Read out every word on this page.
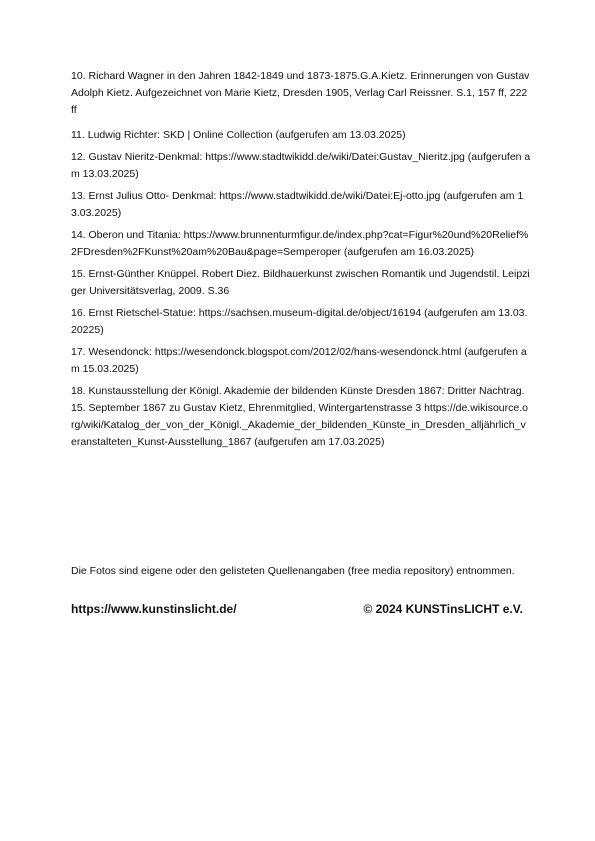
10. Richard Wagner in den Jahren 1842-1849 und 1873-1875.G.A.Kietz. Erinnerungen von Gustav Adolph Kietz. Aufgezeichnet von Marie Kietz, Dresden 1905, Verlag Carl Reissner. S.1, 157 ff, 222 ff

11. Ludwig Richter: SKD | Online Collection (aufgerufen am 13.03.2025)

12. Gustav Nieritz-Denkmal: https://www.stadtwikidd.de/wiki/Datei:Gustav_Nieritz.jpg (aufgerufen am 13.03.2025)

13. Ernst Julius Otto- Denkmal: https://www.stadtwikidd.de/wiki/Datei:Ej-otto.jpg (aufgerufen am 13.03.2025)

14. Oberon und Titania: https://www.brunnenturmfigur.de/index.php?cat=Figur%20und%20Relief%2FDresden%2FKunst%20am%20Bau&page=Semperoper (aufgerufen am 16.03.2025)

15. Ernst-Günther Knüppel. Robert Diez. Bildhauerkunst zwischen Romantik und Jugendstil. Leipziger Universitätsverlag, 2009. S.36

16. Ernst Rietschel-Statue: https://sachsen.museum-digital.de/object/16194 (aufgerufen am 13.03.20225)

17. Wesendonck: https://wesendonck.blogspot.com/2012/02/hans-wesendonck.html (aufgerufen am 15.03.2025)

18. Kunstausstellung der Königl. Akademie der bildenden Künste Dresden 1867: Dritter Nachtrag. 15. September 1867 zu Gustav Kietz, Ehrenmitglied, Wintergartenstrasse 3 https://de.wikisource.org/wiki/Katalog_der_von_der_Königl._Akademie_der_bildenden_Künste_in_Dresden_alljährlich_veranstalteten_Kunst-Ausstellung_1867 (aufgerufen am 17.03.2025)

Die Fotos sind eigene oder den gelisteten Quellenangaben (free media repository) entnommen.

https://www.kunstinslicht.de/	© 2024 KUNSTinsLICHT e.V.
